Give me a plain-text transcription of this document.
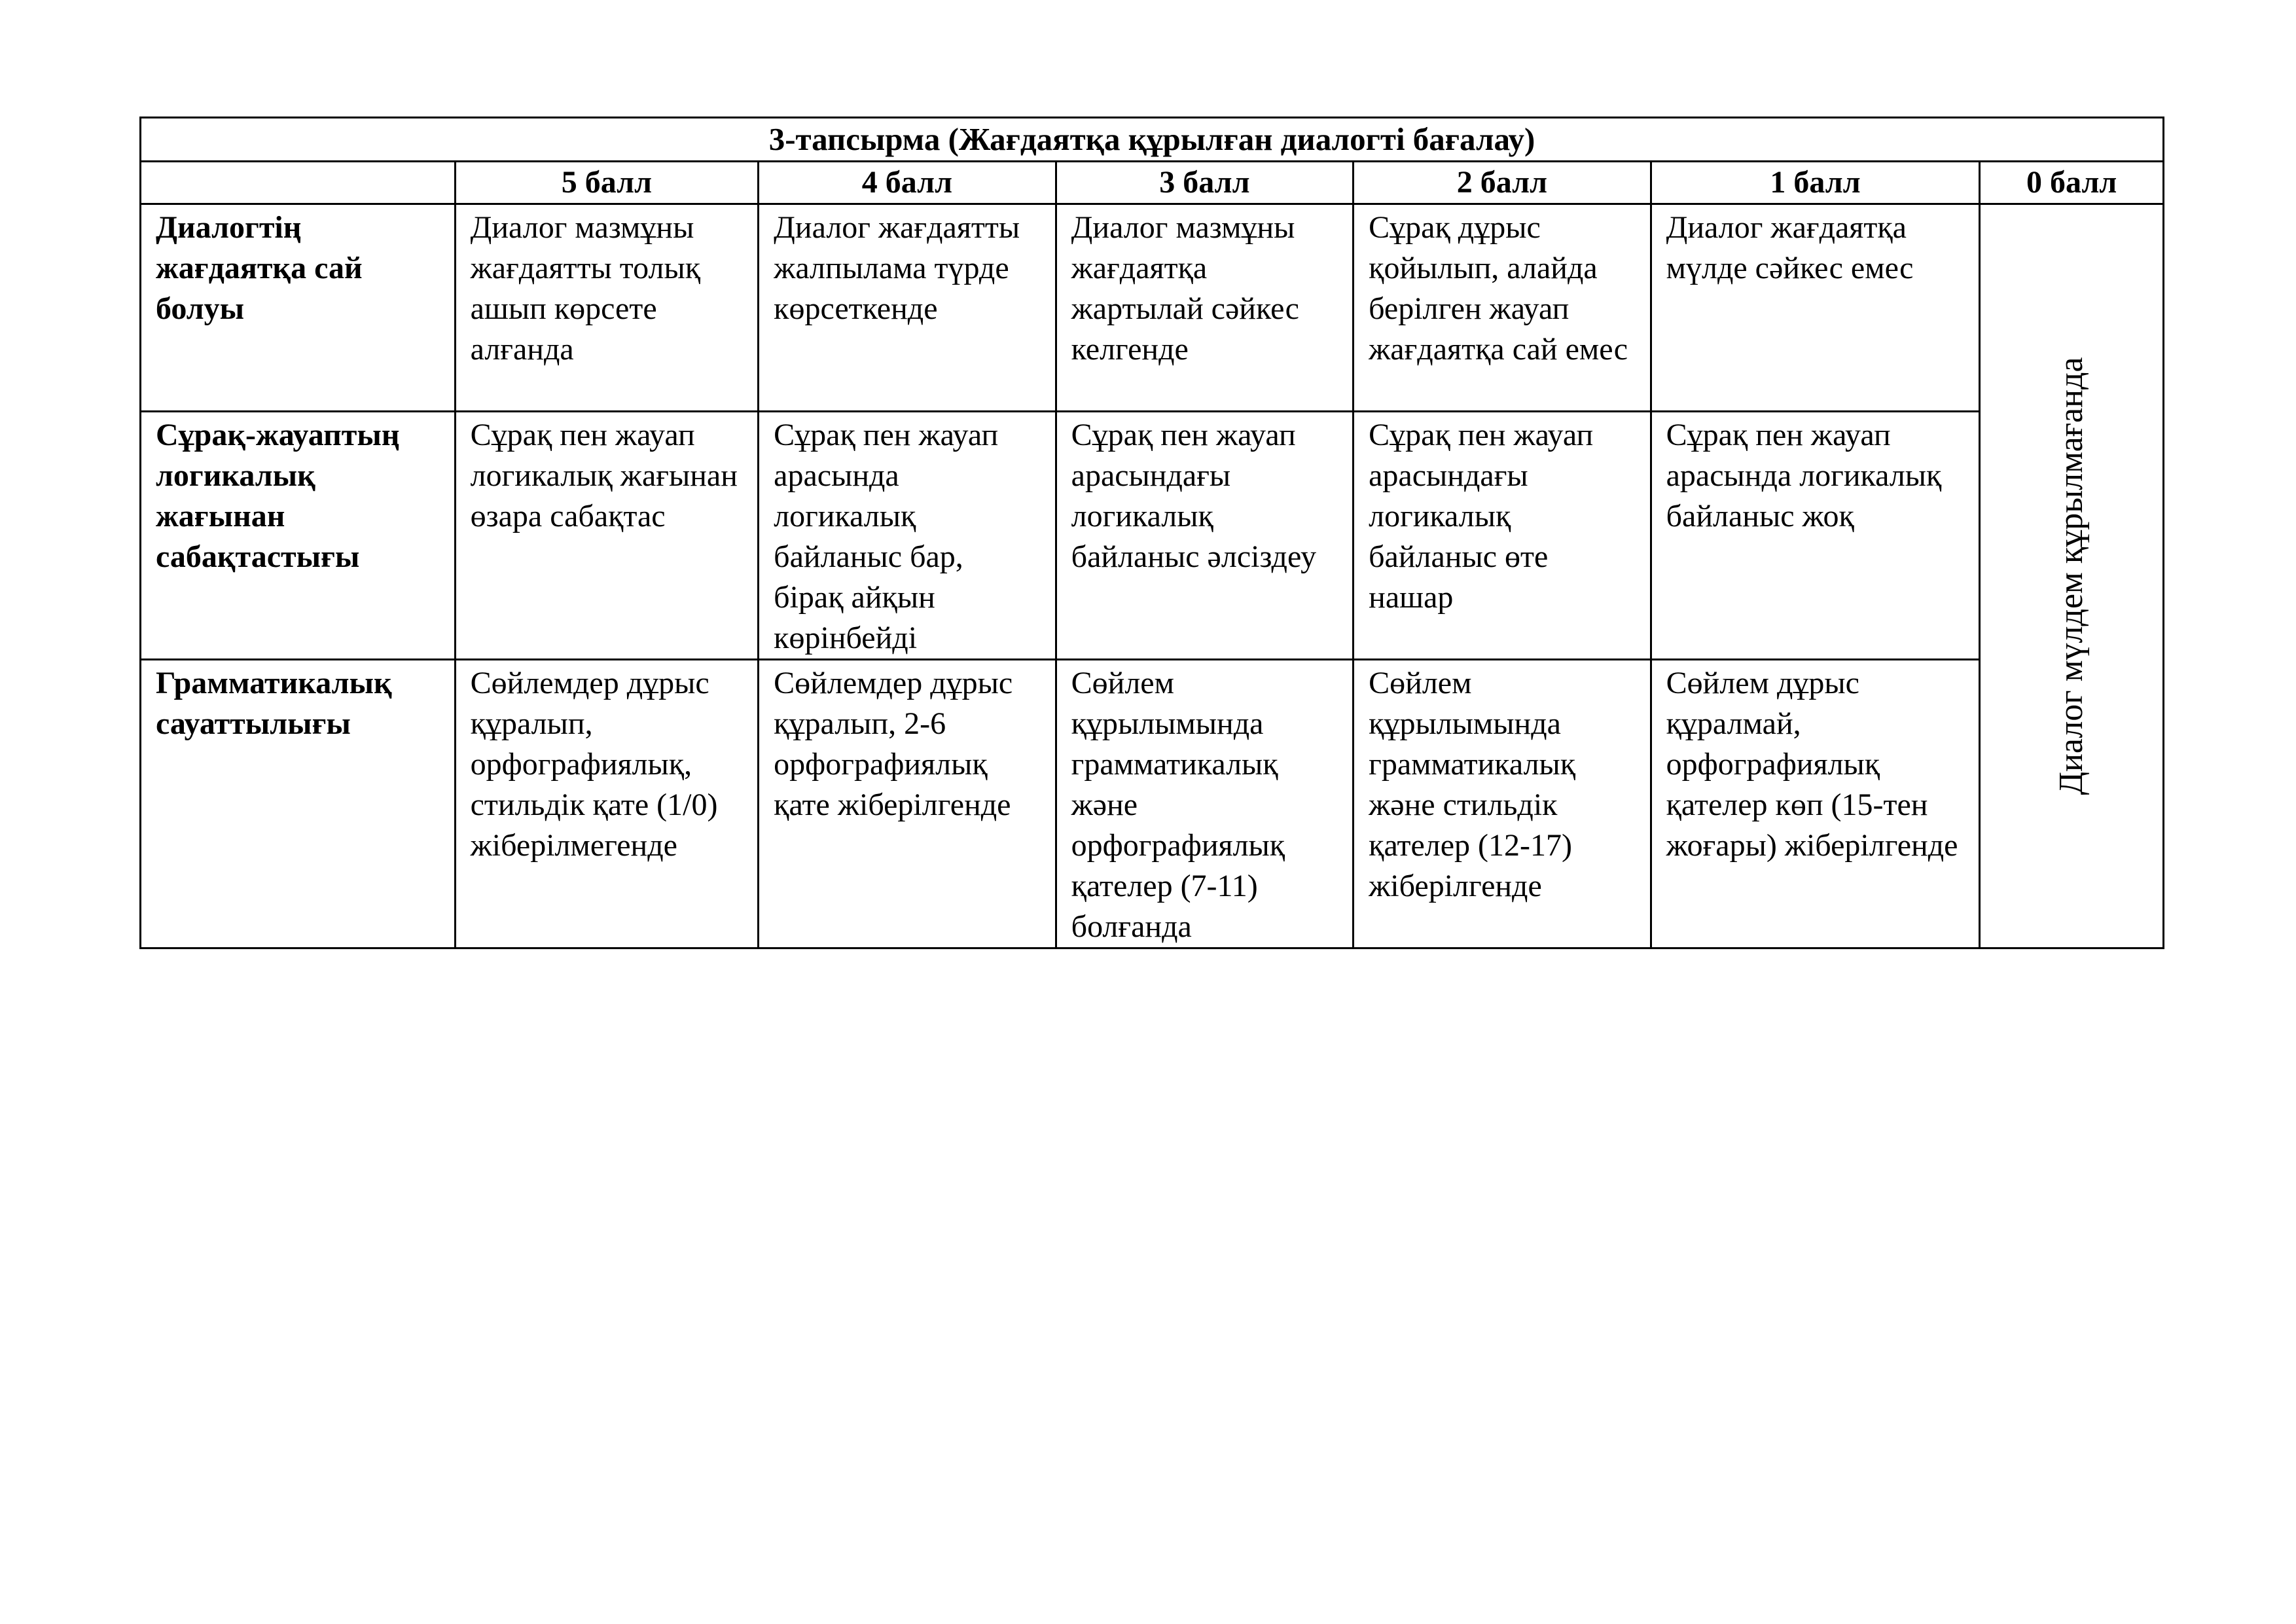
3-тапсырма (Жағдаятқа құрылған диалогті бағалау)						
	5 балл	4 балл	3 балл	2 балл	1 балл	0 балл
Диалогтің жағдаятқа сай болуы	Диалог мазмұны жағдаятты толық ашып көрсете алғанда	Диалог жағдаятты жалпылама түрде көрсеткенде	Диалог мазмұны жағдаятқа жартылай сәйкес келгенде	Сұрақ дұрыс қойылып, алайда берілген жауап жағдаятқа сай емес	Диалог жағдаятқа мүлде сәйкес емес	Диалог мүлдем құрылмағанда

Сұрақ-жауаптың логикалық жағынан сабақтастығы	Сұрақ пен жауап логикалық жағынан өзара сабақтас	Сұрақ пен жауап арасында логикалық байланыс бар, бірақ айқын көрінбейді	Сұрақ пен жауап арасындағы логикалық байланыс әлсіздеу	Сұрақ пен жауап арасындағы логикалық байланыс өте нашар	Сұрақ пен жауап арасында логикалық байланыс жоқ	
Грамматикалық сауаттылығы	Сөйлемдер дұрыс құралып, орфографиялық, стильдік қате (1/0) жіберілмегенде	Сөйлемдер дұрыс құралып, 2-6 орфографиялық қате жіберілгенде	Сөйлем құрылымында грамматикалық және орфографиялық қателер (7-11) болғанда	Сөйлем құрылымында грамматикалық және стильдік қателер (12-17) жіберілгенде	Сөйлем дұрыс құралмай, орфографиялық қателер көп (15-тен жоғары) жіберілгенде	
